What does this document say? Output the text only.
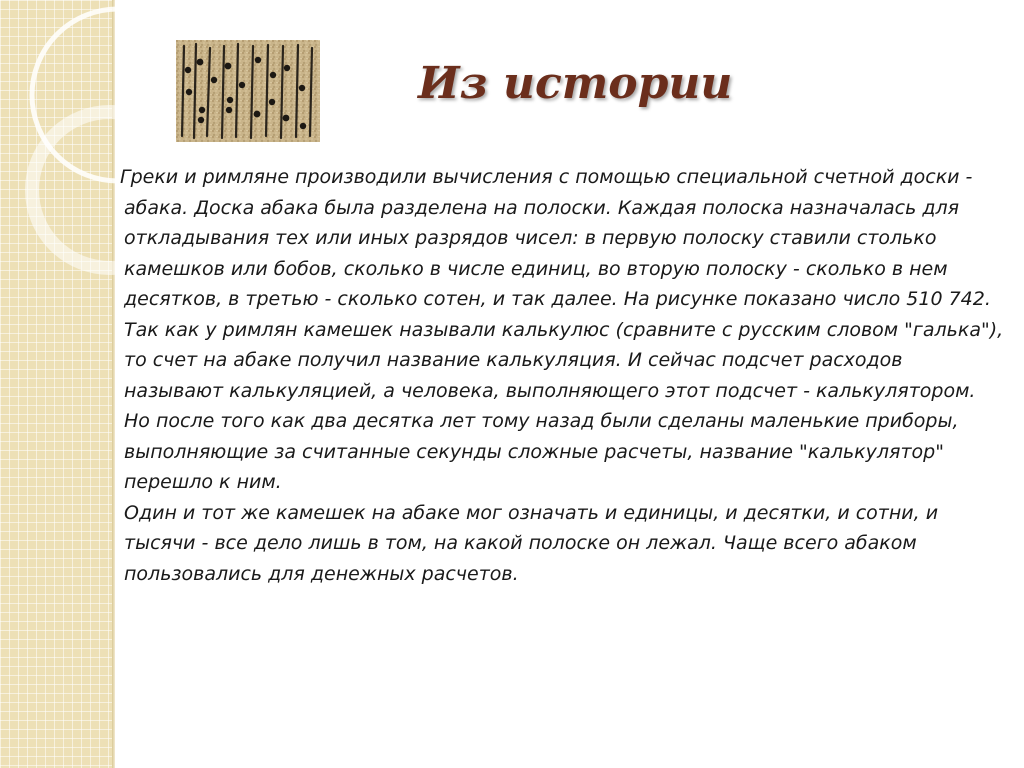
Из истории

Греки и римляне производили вычисления с помощью специальной счетной доски - абака. Доска абака была разделена на полоски. Каждая полоска назначалась для откладывания тех или иных разрядов чисел: в первую полоску ставили столько камешков или бобов, сколько в числе единиц, во вторую полоску - сколько в нем десятков, в третью - сколько сотен, и так далее. На рисунке показано число 510 742. Так как у римлян камешек называли калькулюс (сравните с русским словом "галька"), то счет на абаке получил название калькуляция. И сейчас подсчет расходов называют калькуляцией, а человека, выполняющего этот подсчет - калькулятором. Но после того как два десятка лет тому назад были сделаны маленькие приборы, выполняющие за считанные секунды сложные расчеты, название "калькулятор" перешло к ним.

Один и тот же камешек на абаке мог означать и единицы, и десятки, и сотни, и тысячи - все дело лишь в том, на какой полоске он лежал. Чаще всего абаком пользовались для денежных расчетов.
